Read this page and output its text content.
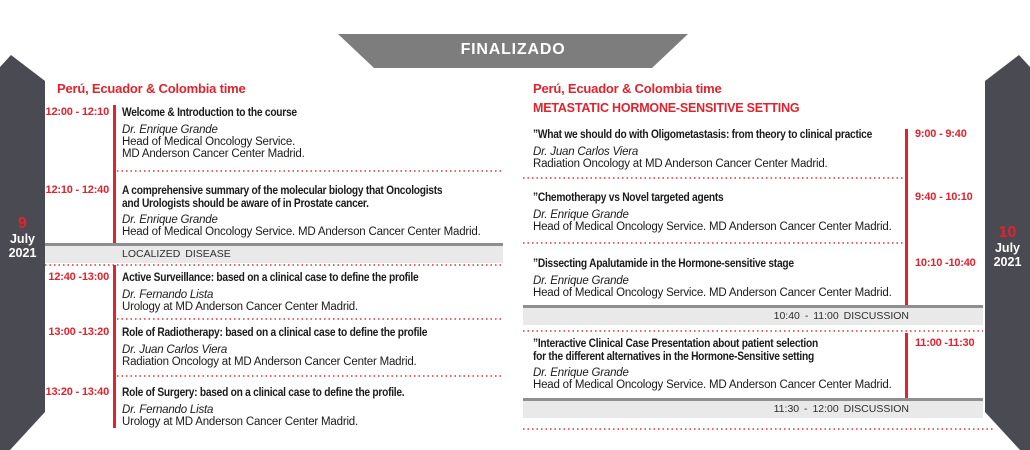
FINALIZADO
9
July
2021
10
July
2021
Perú, Ecuador & Colombia time	Perú, Ecuador & Colombia time
METASTATIC HORMONE-SENSITIVE SETTING
LOCALIZED DISEASE
10:40 - 11:00 DISCUSSION
11:30 - 12:00 DISCUSSION
12:00 - 12:10 Welcome & Introduction to the course
Dr. Enrique Grande
Head of Medical Oncology Service.
MD Anderson Cancer Center Madrid.
12:10 - 12:40 A comprehensive summary of the molecular biology that Oncologists
and Urologists should be aware of in Prostate cancer.
Dr. Enrique Grande
Head of Medical Oncology Service. MD Anderson Cancer Center Madrid.
12:40 -13:00 Active Surveillance: based on a clinical case to define the profile
Dr. Fernando Lista
Urology at MD Anderson Cancer Center Madrid.
13:00 -13:20 Role of Radiotherapy: based on a clinical case to define the profile
Dr. Juan Carlos Viera
Radiation Oncology at MD Anderson Cancer Center Madrid.
13:20 - 13:40 Role of Surgery: based on a clinical case to define the profile.
Dr. Fernando Lista
Urology at MD Anderson Cancer Center Madrid.
9:00 - 9:40
”What we should do with Oligometastasis: from theory to clinical practice
Dr. Juan Carlos Viera
Radiation Oncology at MD Anderson Cancer Center Madrid.
9:40 - 10:10
”Chemotherapy vs Novel targeted agents
Dr. Enrique Grande
Head of Medical Oncology Service. MD Anderson Cancer Center Madrid.
10:10 -10:40
”Dissecting Apalutamide in the Hormone-sensitive stage
Dr. Enrique Grande
Head of Medical Oncology Service. MD Anderson Cancer Center Madrid.
11:00 -11:30
”Interactive Clinical Case Presentation about patient selection
for the different alternatives in the Hormone-Sensitive setting
Dr. Enrique Grande
Head of Medical Oncology Service. MD Anderson Cancer Center Madrid.
